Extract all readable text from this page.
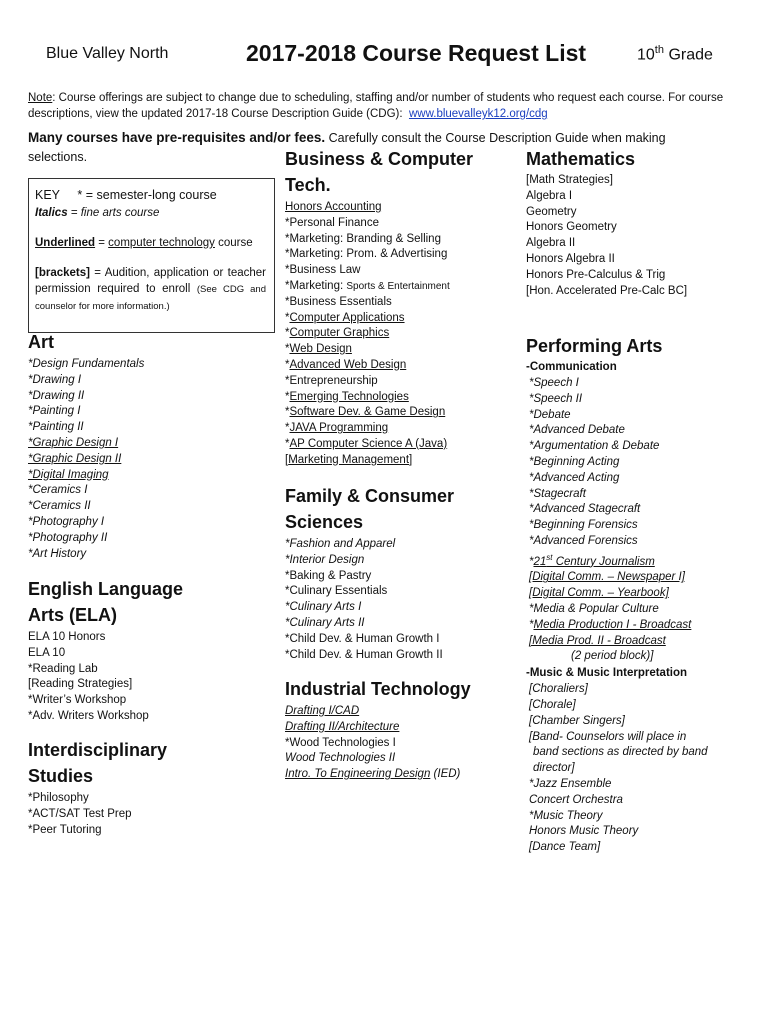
Blue Valley North	2017-2018 Course Request List	10th Grade
Note: Course offerings are subject to change due to scheduling, staffing and/or number of students who request each course. For course descriptions, view the updated 2017-18 Course Description Guide (CDG): www.bluevalleyk12.org/cdg
Many courses have pre-requisites and/or fees. Carefully consult the Course Description Guide when making selections.

KEY * = semester-long course

Italics = fine arts course

Underlined = computer technology course

[brackets] = Audition, application or teacher permission required to enroll (See CDG and counselor for more information.)

Art
*Design Fundamentals
*Drawing I
*Drawing II
*Painting I
*Painting II
*Graphic Design I
*Graphic Design II
*Digital Imaging
*Ceramics I
*Ceramics II
*Photography I
*Photography II
*Art History
English Language
Arts (ELA)
ELA 10 Honors
ELA 10
*Reading Lab
[Reading Strategies]
*Writer’s Workshop
*Adv. Writers Workshop
Interdisciplinary
Studies
*Philosophy
*ACT/SAT Test Prep
*Peer Tutoring
Business & Computer
Tech.
Honors Accounting
*Personal Finance
*Marketing: Branding & Selling
*Marketing: Prom. & Advertising
*Business Law
*Marketing: Sports & Entertainment
*Business Essentials
*Computer Applications
*Computer Graphics
*Web Design
*Advanced Web Design
*Entrepreneurship
*Emerging Technologies
*Software Dev. & Game Design
*JAVA Programming
*AP Computer Science A (Java)
[Marketing Management]
Family & Consumer
Sciences
*Fashion and Apparel
*Interior Design
*Baking & Pastry
*Culinary Essentials
*Culinary Arts I
*Culinary Arts II
*Child Dev. & Human Growth I
*Child Dev. & Human Growth II
Industrial Technology
Drafting I/CAD
Drafting II/Architecture
*Wood Technologies I
Wood Technologies II
Intro. To Engineering Design (IED)
Mathematics
[Math Strategies]
Algebra I
Geometry
Honors Geometry
Algebra II
Honors Algebra II
Honors Pre-Calculus & Trig
[Hon. Accelerated Pre-Calc BC]
Performing Arts
-Communication
*Speech I
*Speech II
*Debate
*Advanced Debate
*Argumentation & Debate
*Beginning Acting
*Advanced Acting
*Stagecraft
*Advanced Stagecraft
*Beginning Forensics
*Advanced Forensics
*21st Century Journalism
[Digital Comm. – Newspaper I]
[Digital Comm. – Yearbook]
*Media & Popular Culture
*Media Production I - Broadcast
[Media Prod. II - Broadcast
(2 period block)]
-Music & Music Interpretation
[Choraliers]
[Chorale]
[Chamber Singers]
[Band- Counselors will place in
band sections as directed by band
director]
*Jazz Ensemble
Concert Orchestra
*Music Theory
Honors Music Theory
[Dance Team]
